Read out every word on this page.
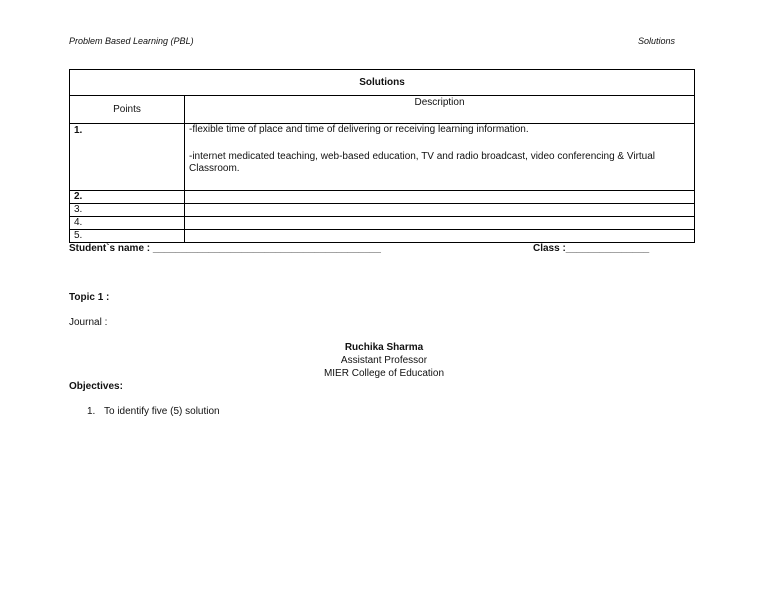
Problem Based Learning (PBL)	Solutions
Solutions	
Points	Description
1.	-flexible time of place and time of delivering or receiving learning information.

-internet medicated teaching, web-based education, TV and radio broadcast, video conferencing & Virtual Classroom.

2.	
3.	
4.	
5.	
Student`s name : _________________________________________	Class :_______________
Topic 1 :
Journal :
Ruchika Sharma
Assistant Professor
MIER College of Education
Objectives:
1. To identify five (5) solution
